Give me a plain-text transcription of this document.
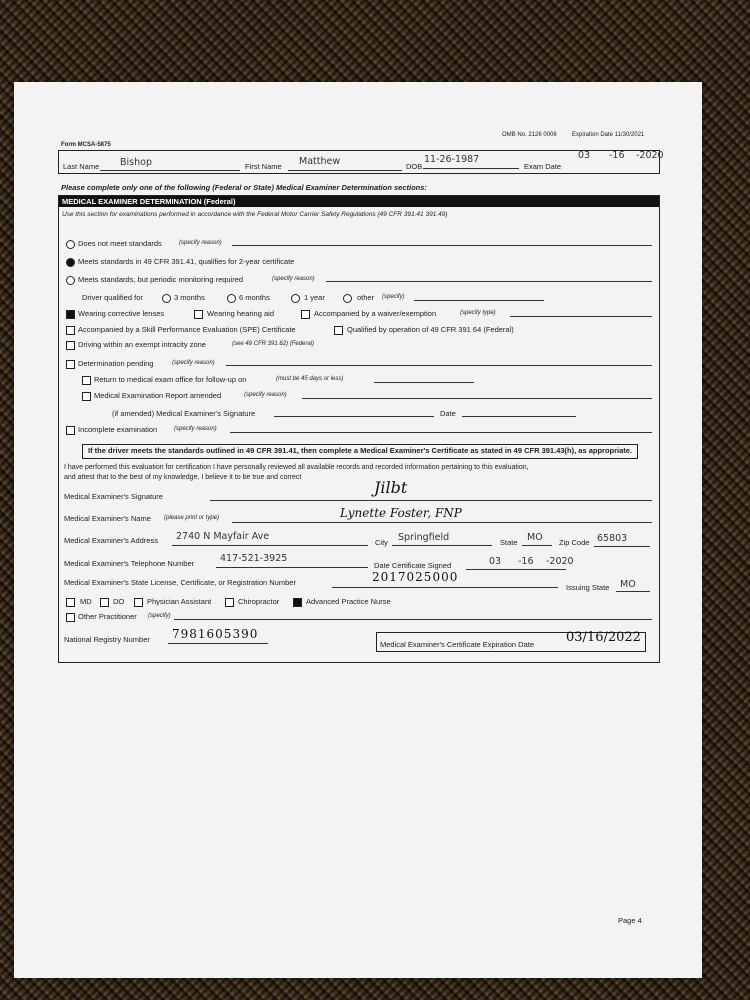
Form MCSA-5875
OMB No. 2126 0006	Expiration Date 11/30/2021
Last Name Bishop	First Name Matthew	DOB
11-26-1987
Exam Date
03 -16 -2020
Please complete only one of the following (Federal or State) Medical Examiner Determination sections:
MEDICAL EXAMINER DETERMINATION (Federal)
Use this section for examinations performed in accordance with the Federal Motor Carrier Safety Regulations (49 CFR 391.41 391.49)
Does not meet standards	(specify reason)
Meets standards in 49 CFR 391.41, qualifies for 2-year certificate
Meets standards, but periodic monitoring required	(specify reason)
Driver qualified for	3 months	6 months	1 year	other (specify)
Wearing corrective lenses	Wearing hearing aid	Accompanied by a waiver/exemption	(specify type)
Accompanied by a Skill Performance Evaluation (SPE) Certificate	Qualified by operation of 49 CFR 391 64 (Federal)
Driving within an exempt intracity zone	(see 49 CFR 391.62) (Federal)
Determination pending	(specify reason)
Return to medical exam office for follow-up on	(must be 45 days or less)
Medical Examination Report amended	(specify reason)
(if amended) Medical Examiner's Signature	Date
Incomplete examination	(specify reason)
If the driver meets the standards outlined in 49 CFR 391.41, then complete a Medical Examiner's Certificate as stated in 49 CFR 391.43(h), as appropriate.
I have performed this evaluation for certification I have personally reviewed all available records and recorded information pertaining to this evaluation,
and attest that to the best of my knowledge, I believe it to be true and correct
Medical Examiner's Signature	Jilbt
Medical Examiner's Name (please print or type)	Lynette Foster, FNP
Medical Examiner's Address 2740 N Mayfair Ave
City Springfield	State MO Zip Code 65803
Medical Examiner's Telephone Number	417-521-3925
Date Certificate Signed	03 -16 -2020
Medical Examiner's State License, Certificate, or Registration Number	2017025000
Issuing State MO
MD	DO	Physician Assistant	Chiropractor	Advanced Practice Nurse
Other Practitioner (specify)
National Registry Number 7981605390
Medical Examiner's Certificate Expiration Date 03/16/2022
Page 4
